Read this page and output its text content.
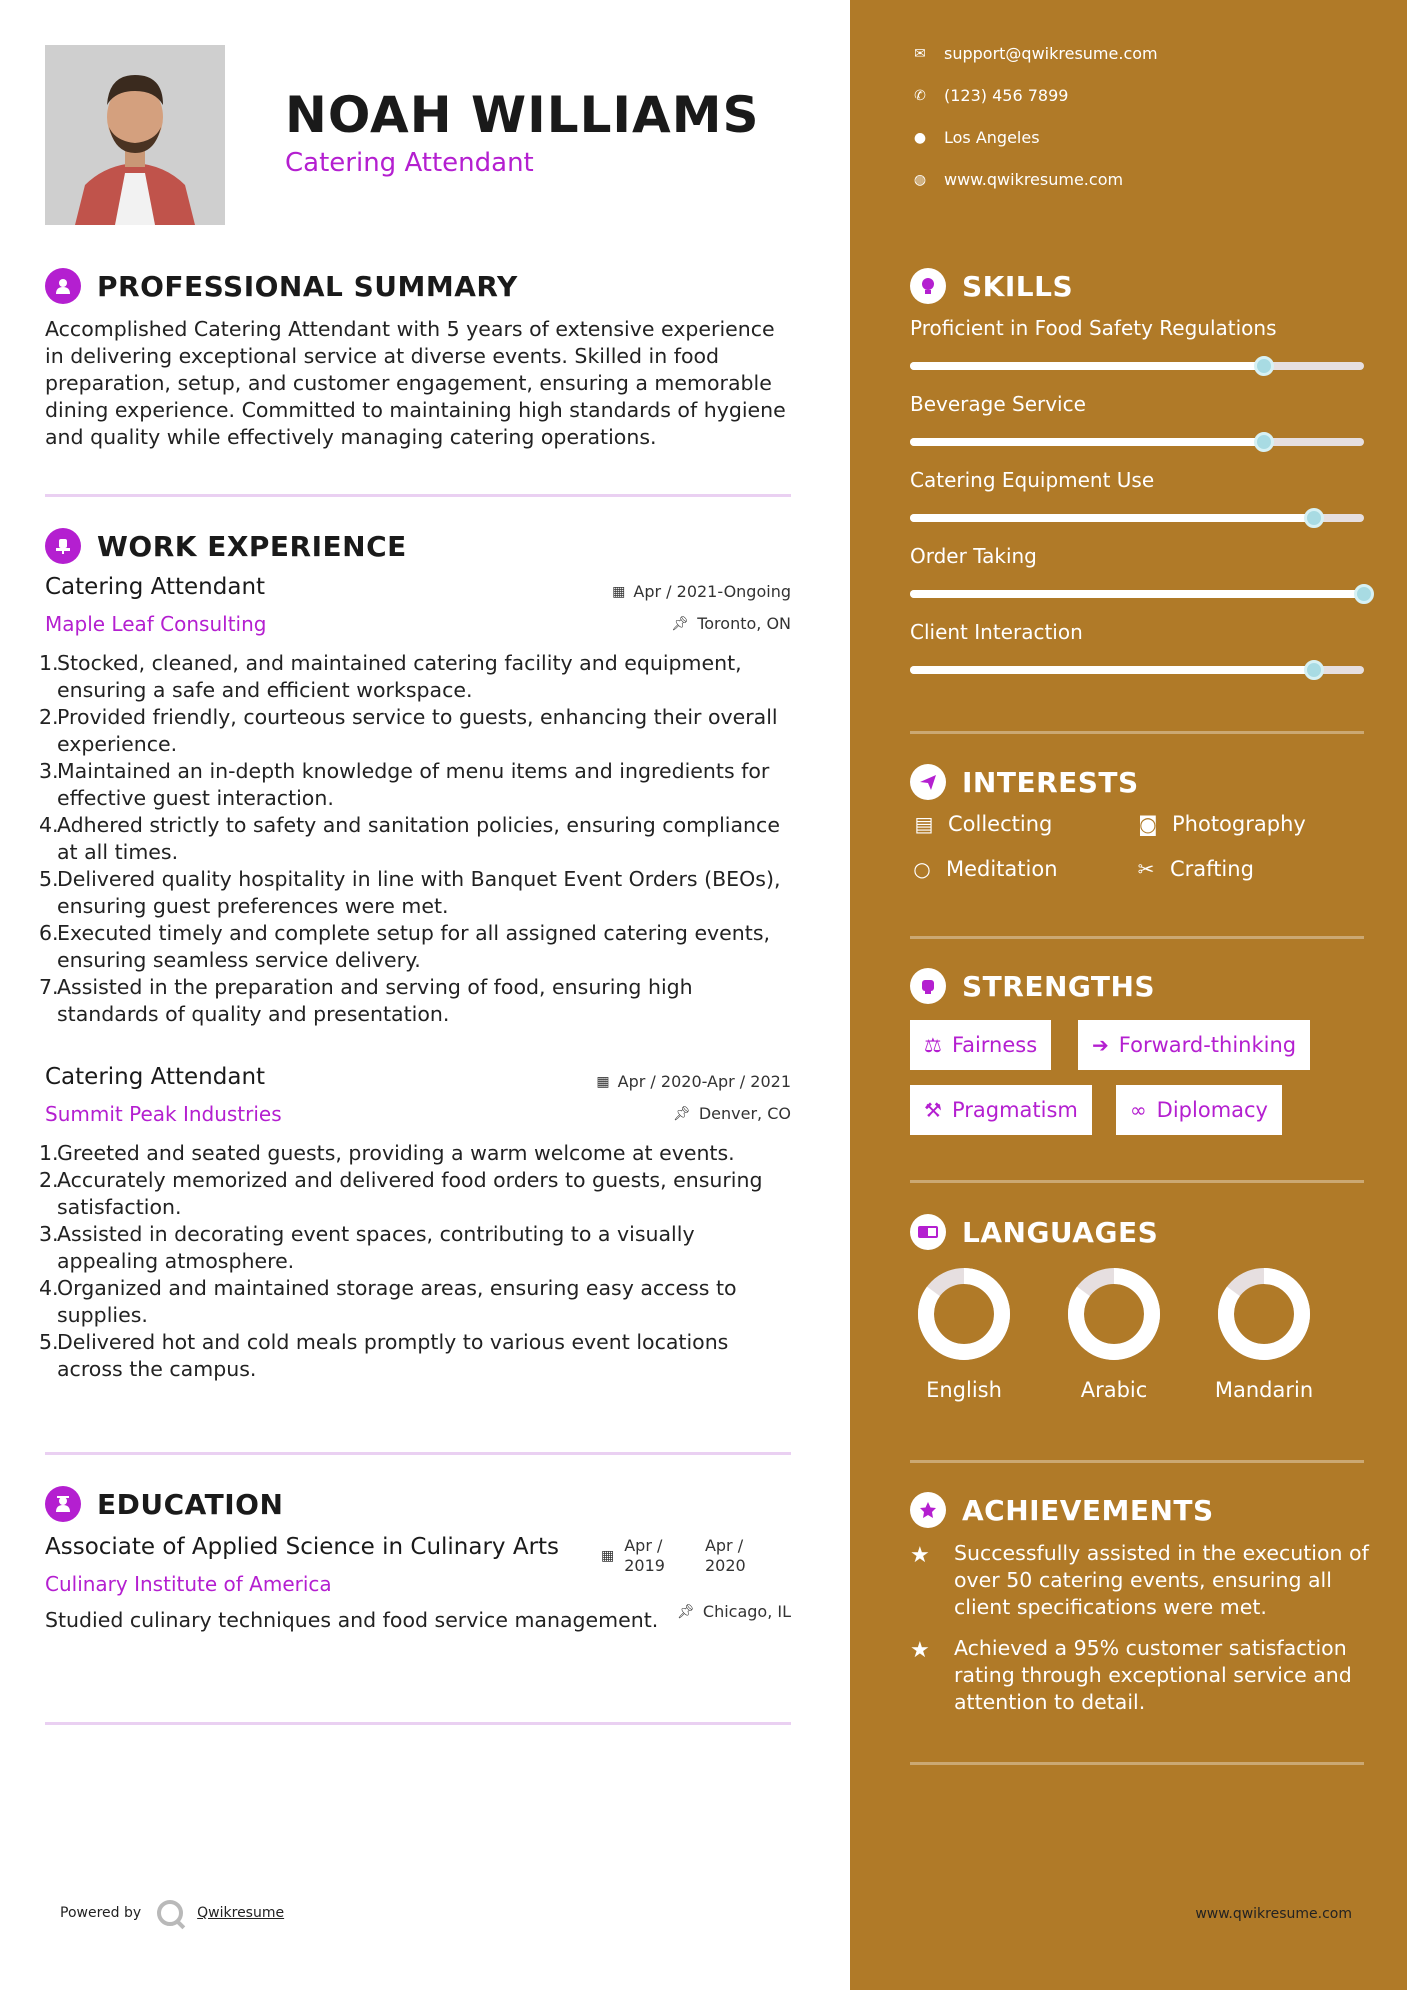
NOAH WILLIAMS
Catering Attendant
PROFESSIONAL SUMMARY
Accomplished Catering Attendant with 5 years of extensive experience in delivering exceptional service at diverse events. Skilled in food preparation, setup, and customer engagement, ensuring a memorable dining experience. Committed to maintaining high standards of hygiene and quality while effectively managing catering operations.
WORK EXPERIENCE
Catering Attendant	▦ Apr / 2021-Ongoing
Maple Leaf Consulting	📌︎ Toronto, ON
1.
Stocked, cleaned, and maintained catering facility and equipment, ensuring a safe and efficient workspace.
2.
Provided friendly, courteous service to guests, enhancing their overall experience.
3.
Maintained an in-depth knowledge of menu items and ingredients for effective guest interaction.
4.
Adhered strictly to safety and sanitation policies, ensuring compliance at all times.
5.
Delivered quality hospitality in line with Banquet Event Orders (BEOs), ensuring guest preferences were met.
6.
Executed timely and complete setup for all assigned catering events, ensuring seamless service delivery.
7.
Assisted in the preparation and serving of food, ensuring high standards of quality and presentation.
Catering Attendant	▦ Apr / 2020-Apr / 2021
Summit Peak Industries	📌︎ Denver, CO
1.
Greeted and seated guests, providing a warm welcome at events.
2.
Accurately memorized and delivered food orders to guests, ensuring satisfaction.
3.
Assisted in decorating event spaces, contributing to a visually appealing atmosphere.
4.
Organized and maintained storage areas, ensuring easy access to supplies.
5.
Delivered hot and cold meals promptly to various event locations across the campus.
EDUCATION
Associate of Applied Science in Culinary Arts	▦
Apr /
2019
Apr /
2020
Culinary Institute of America
📌︎ Chicago, IL
Studied culinary techniques and food service management.
Powered by	Qwikresume
✉ support@qwikresume.com
✆ (123) 456 7899
● Los Angeles
◍ www.qwikresume.com
SKILLS
Proficient in Food Safety Regulations
Beverage Service
Catering Equipment Use
Order Taking
Client Interaction
INTERESTS
▤ Collecting	◙ Photography
○ Meditation	✂ Crafting
STRENGTHS
⚖ Fairness	➔ Forward-thinking
⚒ Pragmatism	∞ Diplomacy
LANGUAGES
English	Arabic	Mandarin
ACHIEVEMENTS
★	Successfully assisted in the execution of over 50 catering events, ensuring all client specifications were met.
★	Achieved a 95% customer satisfaction rating through exceptional service and attention to detail.
www.qwikresume.com
